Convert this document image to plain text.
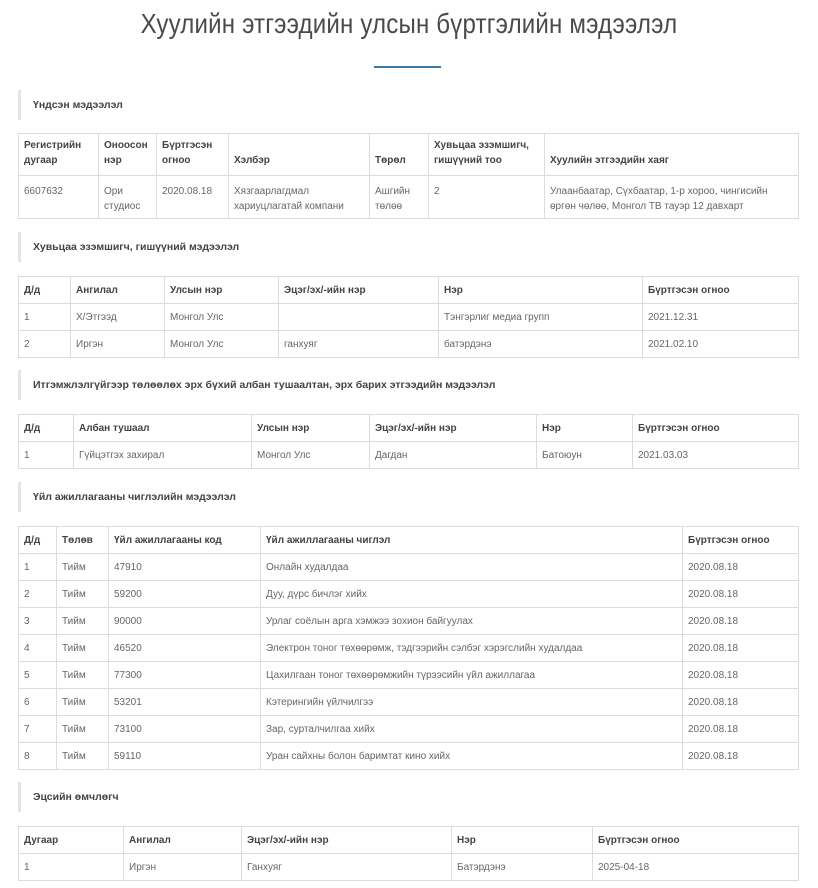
Хуулийн этгээдийн улсын бүртгэлийн мэдээлэл
Үндсэн мэдээлэл
Регистрийн дугаар	Оноосон нэр	Бүртгэсэн огноо	Хэлбэр	Төрөл	Хувьцаа эзэмшигч, гишүүний тоо	Хуулийн этгээдийн хаяг
6607632	Ори студиос	2020.08.18	Хязгаарлагдмал хариуцлагатай компани	Ашгийн төлөө	2	Улаанбаатар, Сүхбаатар, 1-р хороо, чингисийн өргөн чөлөө, Монгол ТВ тауэр 12 давхарт
Хувьцаа эзэмшигч, гишүүний мэдээлэл
Д/д	Ангилал	Улсын нэр	Эцэг/эх/-ийн нэр	Нэр	Бүртгэсэн огноо
1	Х/Этгээд	Монгол Улс		Тэнгэрлиг медиа групп	2021.12.31
2	Иргэн	Монгол Улс	ганхуяг	батэрдэнэ	2021.02.10
Итгэмжлэлгүйгээр төлөөлөх эрх бүхий албан тушаалтан, эрх барих этгээдийн мэдээлэл
Д/д	Албан тушаал	Улсын нэр	Эцэг/эх/-ийн нэр	Нэр	Бүртгэсэн огноо
1	Гүйцэтгэх захирал	Монгол Улс	Дагдан	Батоюун	2021.03.03
Үйл ажиллагааны чиглэлийн мэдээлэл
Д/д	Төлөв	Үйл ажиллагааны код	Үйл ажиллагааны чиглэл	Бүртгэсэн огноо
1	Тийм	47910	Онлайн худалдаа	2020.08.18
2	Тийм	59200	Дуу, дүрс бичлэг хийх	2020.08.18
3	Тийм	90000	Урлаг соёлын арга хэмжээ зохион байгуулах	2020.08.18
4	Тийм	46520	Электрон тоног төхөөрөмж, тэдгээрийн сэлбэг хэрэгслийн худалдаа	2020.08.18
5	Тийм	77300	Цахилгаан тоног төхөөрөмжийн түрээсийн үйл ажиллагаа	2020.08.18
6	Тийм	53201	Кэтерингийн үйлчилгээ	2020.08.18
7	Тийм	73100	Зар, сурталчилгаа хийх	2020.08.18
8	Тийм	59110	Уран сайхны болон баримтат кино хийх	2020.08.18
Эцсийн өмчлөгч
Дугаар	Ангилал	Эцэг/эх/-ийн нэр	Нэр	Бүртгэсэн огноо
1	Иргэн	Ганхуяг	Батэрдэнэ	2025-04-18
